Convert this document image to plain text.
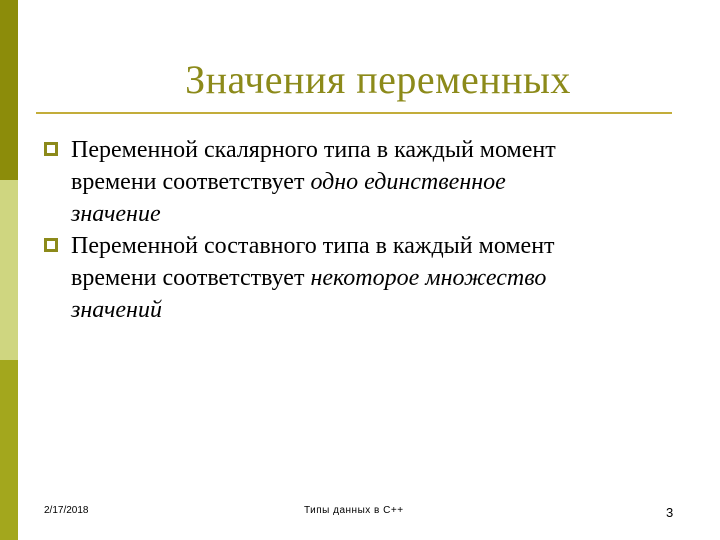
Значения переменных
Переменной скалярного типа в каждый момент
времени соответствует одно единственное
значение
Переменной составного типа в каждый момент
времени соответствует некоторое множество
значений
2/17/2018	Типы данных в C++	3
